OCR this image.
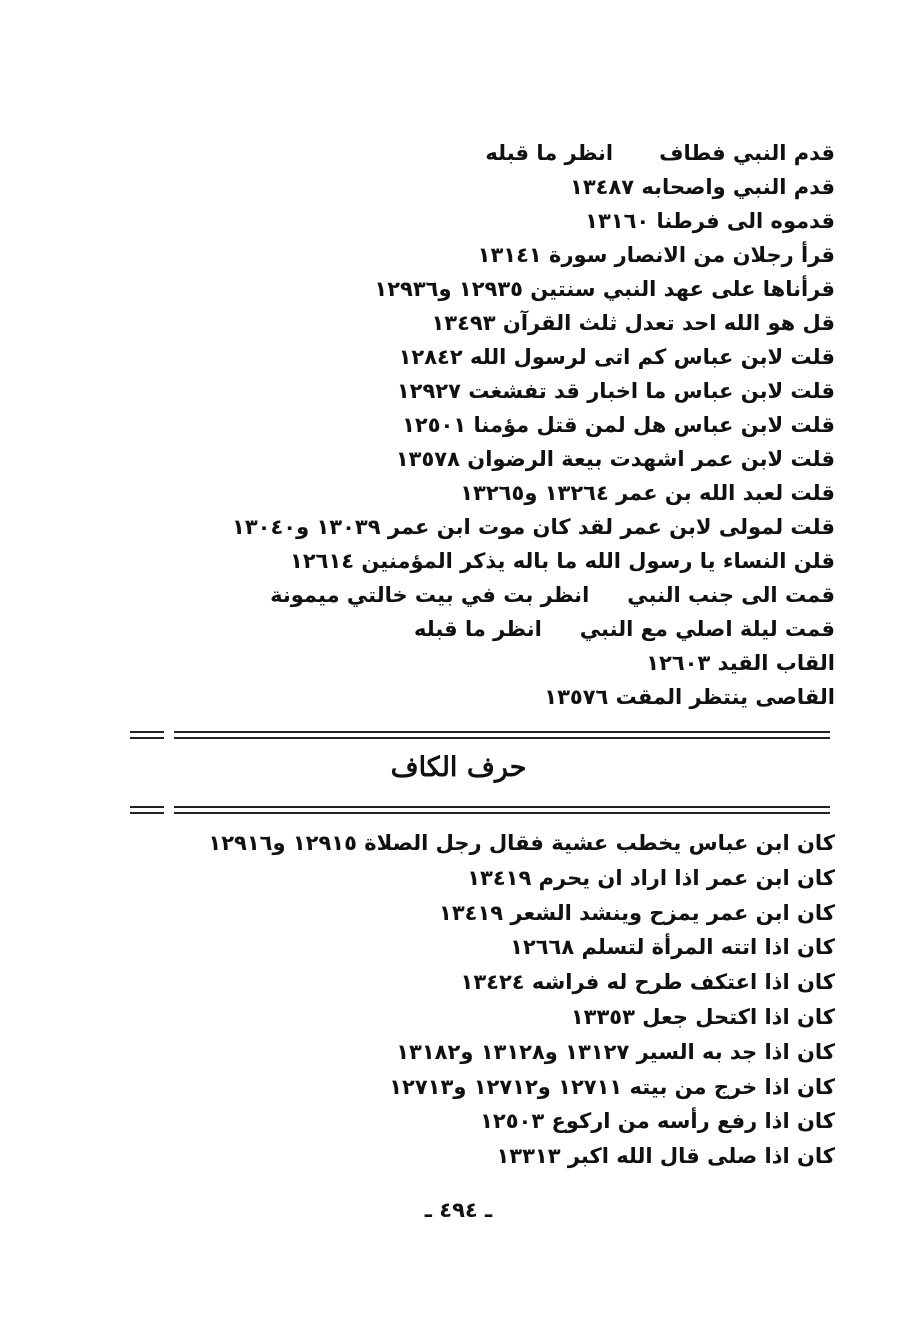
قدم النبي فطافانظر ما قبله
قدم النبي واصحابه ١٣٤٨٧
قدموه الى فرطنا ١٣١٦٠
قرأ رجلان من الانصار سورة ١٣١٤١
قرأناها على عهد النبي سنتين ١٢٩٣٥ و١٢٩٣٦
قل هو الله احد تعدل ثلث القرآن ١٣٤٩٣
قلت لابن عباس كم اتى لرسول الله ١٢٨٤٢
قلت لابن عباس ما اخبار قد تفشغت ١٢٩٢٧
قلت لابن عباس هل لمن قتل مؤمنا ١٢٥٠١
قلت لابن عمر اشهدت بيعة الرضوان ١٣٥٧٨
قلت لعبد الله بن عمر ١٣٢٦٤ و١٣٢٦٥
قلت لمولى لابن عمر لقد كان موت ابن عمر ١٣٠٣٩ و١٣٠٤٠
قلن النساء يا رسول الله ما باله يذكر المؤمنين ١٢٦١٤
قمت الى جنب النبيانظر بت في بيت خالتي ميمونة
قمت ليلة اصلي مع النبيانظر ما قبله
القاب القيد ١٢٦٠٣
القاصى ينتظر المقت ١٣٥٧٦
حرف الكاف
كان ابن عباس يخطب عشية فقال رجل الصلاة ١٢٩١٥ و١٢٩١٦
كان ابن عمر اذا اراد ان يحرم ١٣٤١٩
كان ابن عمر يمزح وينشد الشعر ١٣٤١٩
كان اذا اتته المرأة لتسلم ١٢٦٦٨
كان اذا اعتكف طرح له فراشه ١٣٤٢٤
كان اذا اكتحل جعل ١٣٣٥٣
كان اذا جد به السير ١٣١٢٧ و١٣١٢٨ و١٣١٨٢
كان اذا خرج من بيته ١٢٧١١ و١٢٧١٢ و١٢٧١٣
كان اذا رفع رأسه من اركوع ١٢٥٠٣
كان اذا صلى قال الله اكبر ١٣٣١٣
ـ ٤٩٤ ـ
